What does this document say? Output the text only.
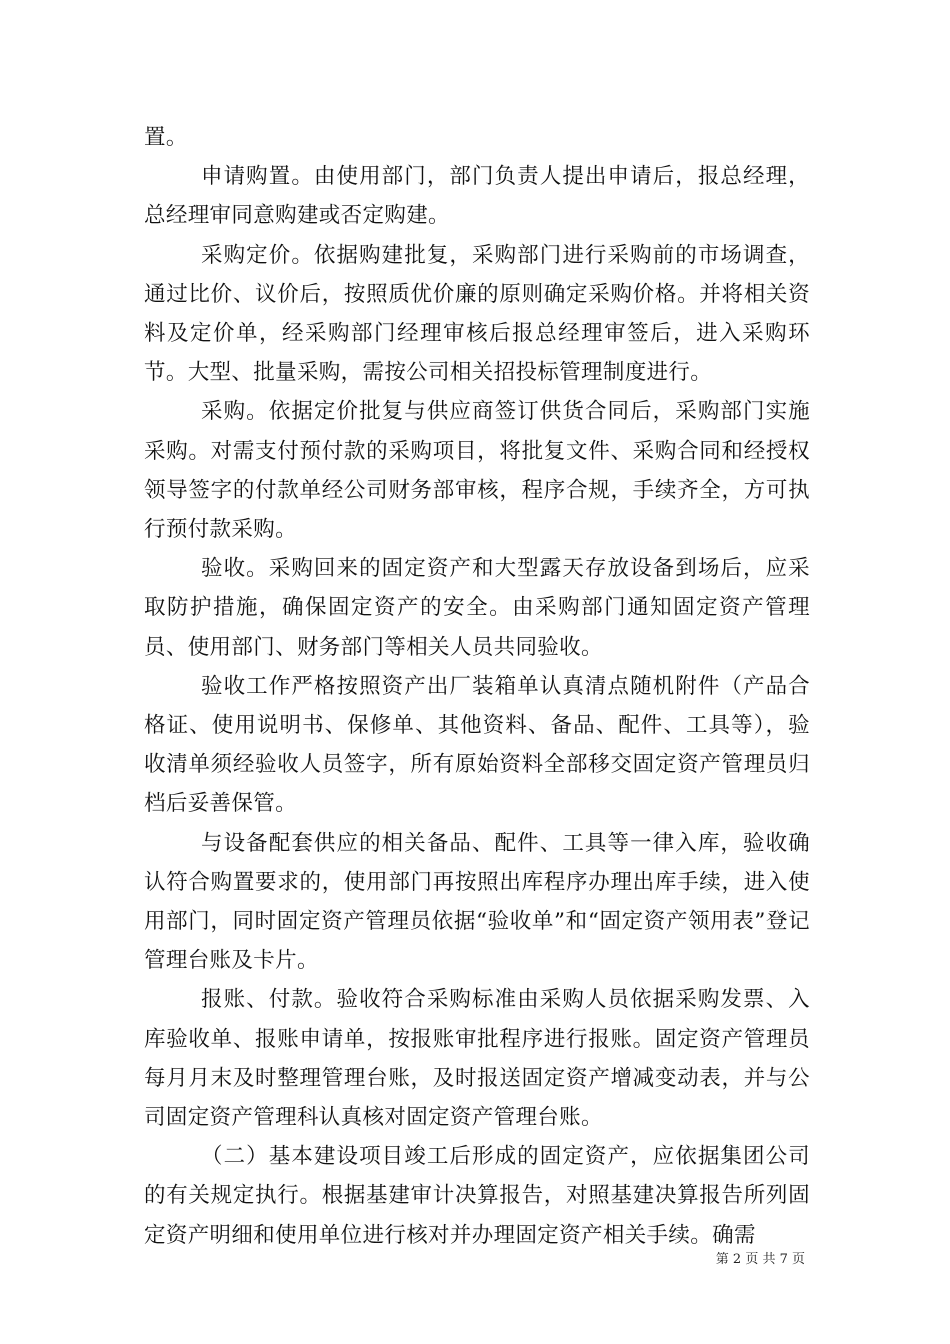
置。

申请购置。由使用部门，部门负责人提出申请后，报总经理，总经理审同意购建或否定购建。

采购定价。依据购建批复，采购部门进行采购前的市场调查，通过比价、议价后，按照质优价廉的原则确定采购价格。并将相关资料及定价单，经采购部门经理审核后报总经理审签后，进入采购环节。大型、批量采购，需按公司相关招投标管理制度进行。

采购。依据定价批复与供应商签订供货合同后，采购部门实施采购。对需支付预付款的采购项目，将批复文件、采购合同和经授权领导签字的付款单经公司财务部审核，程序合规，手续齐全，方可执行预付款采购。

验收。采购回来的固定资产和大型露天存放设备到场后，应采取防护措施，确保固定资产的安全。由采购部门通知固定资产管理员、使用部门、财务部门等相关人员共同验收。

验收工作严格按照资产出厂装箱单认真清点随机附件（产品合格证、使用说明书、保修单、其他资料、备品、配件、工具等），验收清单须经验收人员签字，所有原始资料全部移交固定资产管理员归档后妥善保管。

与设备配套供应的相关备品、配件、工具等一律入库，验收确认符合购置要求的，使用部门再按照出库程序办理出库手续，进入使用部门，同时固定资产管理员依据“验收单”和“固定资产领用表”登记管理台账及卡片。

报账、付款。验收符合采购标准由采购人员依据采购发票、入库验收单、报账申请单，按报账审批程序进行报账。固定资产管理员每月月末及时整理管理台账，及时报送固定资产增减变动表，并与公司固定资产管理科认真核对固定资产管理台账。

（二）基本建设项目竣工后形成的固定资产，应依据集团公司的有关规定执行。根据基建审计决算报告，对照基建决算报告所列固定资产明细和使用单位进行核对并办理固定资产相关手续。确需

第 2 页 共 7 页
